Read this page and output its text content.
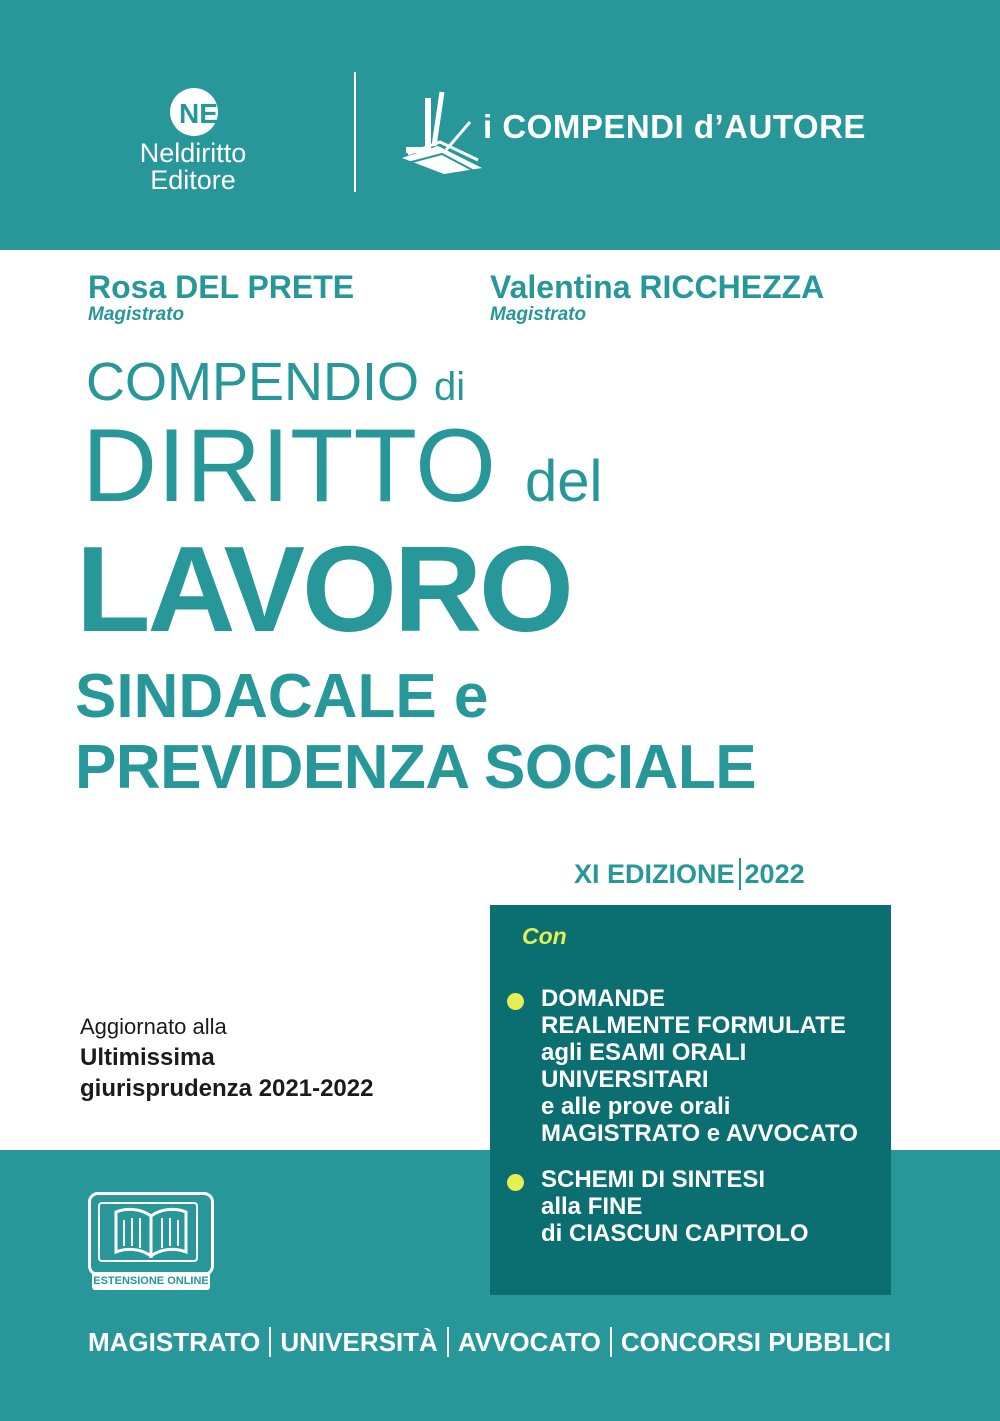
NE
Neldiritto
Editore
i COMPENDI d’AUTORE
Rosa DEL PRETE
Magistrato
Valentina RICCHEZZA
Magistrato
COMPENDIO di
DIRITTO del
LAVORO
SINDACALE e
PREVIDENZA SOCIALE
XI EDIZIONE 2022
Con
DOMANDE
REALMENTE FORMULATE
agli ESAMI ORALI
UNIVERSITARI
e alle prove orali
MAGISTRATO e AVVOCATO
SCHEMI DI SINTESI
alla FINE
di CIASCUN CAPITOLO
Aggiornato alla
Ultimissima
giurisprudenza 2021-2022
ESTENSIONE ONLINE
MAGISTRATO UNIVERSITÀ AVVOCATO CONCORSI PUBBLICI
